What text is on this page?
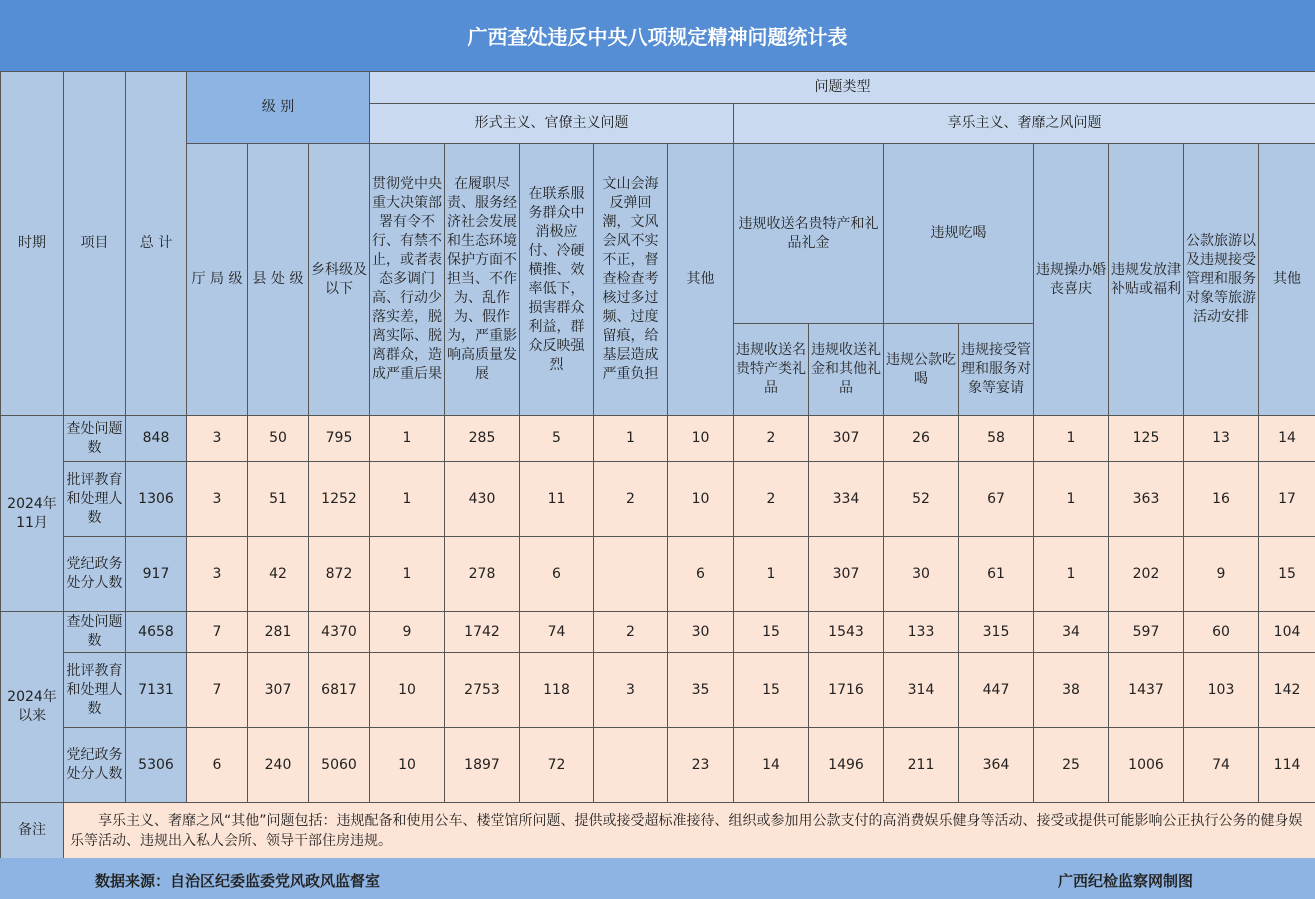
广西查处违反中央八项规定精神问题统计表
时期	项目	总 计	级 别			问题类型												
						形式主义、官僚主义问题					享乐主义、奢靡之风问题							
			厅 局 级	县 处 级	乡科级及以下	贯彻党中央重大决策部署有令不行、有禁不止，或者表态多调门高、行动少落实差，脱离实际、脱离群众，造成严重后果	在履职尽责、服务经济社会发展和生态环境保护方面不担当、不作为、乱作为、假作为，严重影响高质量发展	在联系服务群众中消极应付、冷硬横推、效率低下，损害群众利益，群众反映强烈	文山会海反弹回潮，文风会风不实不正，督查检查考核过多过频、过度留痕，给基层造成严重负担	其他	违规收送名贵特产和礼品礼金		违规吃喝		违规操办婚丧喜庆	违规发放津补贴或福利	公款旅游以及违规接受管理和服务对象等旅游活动安排	其他
											违规收送名贵特产类礼品	违规收送礼金和其他礼品	违规公款吃喝	违规接受管理和服务对象等宴请				
2024年11月	查处问题数	848	3	50	795	1	285	5	1	10	2	307	26	58	1	125	13	14
	批评教育和处理人数	1306	3	51	1252	1	430	11	2	10	2	334	52	67	1	363	16	17
	党纪政务处分人数	917	3	42	872	1	278	6		6	1	307	30	61	1	202	9	15
2024年以来	查处问题数	4658	7	281	4370	9	1742	74	2	30	15	1543	133	315	34	597	60	104
	批评教育和处理人数	7131	7	307	6817	10	2753	118	3	35	15	1716	314	447	38	1437	103	142
	党纪政务处分人数	5306	6	240	5060	10	1897	72		23	14	1496	211	364	25	1006	74	114
备注	享乐主义、奢靡之风“其他”问题包括：违规配备和使用公车、楼堂馆所问题、提供或接受超标准接待、组织或参加用公款支付的高消费娱乐健身等活动、接受或提供可能影响公正执行公务的健身娱乐等活动、违规出入私人会所、领导干部住房违规。																	
数据来源：自治区纪委监委党风政风监督室	广西纪检监察网制图
